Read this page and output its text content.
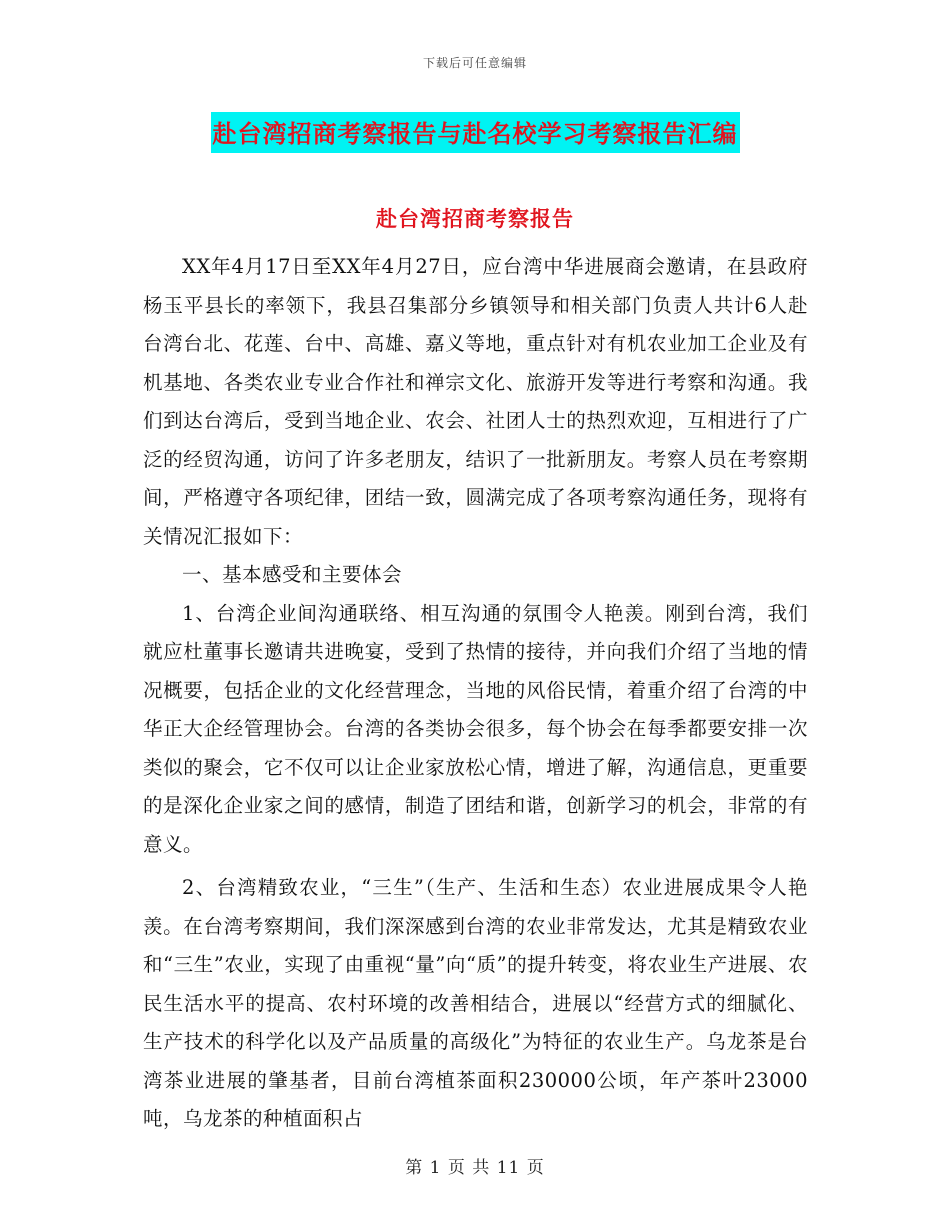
下载后可任意编辑
赴台湾招商考察报告与赴名校学习考察报告汇编
赴台湾招商考察报告

XX年4月17日至XX年4月27日，应台湾中华进展商会邀请，在县政府杨玉平县长的率领下，我县召集部分乡镇领导和相关部门负责人共计6人赴台湾台北、花莲、台中、高雄、嘉义等地，重点针对有机农业加工企业及有机基地、各类农业专业合作社和禅宗文化、旅游开发等进行考察和沟通。我们到达台湾后，受到当地企业、农会、社团人士的热烈欢迎，互相进行了广泛的经贸沟通，访问了许多老朋友，结识了一批新朋友。考察人员在考察期间，严格遵守各项纪律，团结一致，圆满完成了各项考察沟通任务，现将有关情况汇报如下：

一、基本感受和主要体会

1、台湾企业间沟通联络、相互沟通的氛围令人艳羡。刚到台湾，我们就应杜董事长邀请共进晚宴，受到了热情的接待，并向我们介绍了当地的情况概要，包括企业的文化经营理念，当地的风俗民情，着重介绍了台湾的中华正大企经管理协会。台湾的各类协会很多，每个协会在每季都要安排一次类似的聚会，它不仅可以让企业家放松心情，增进了解，沟通信息，更重要的是深化企业家之间的感情，制造了团结和谐，创新学习的机会，非常的有意义。

2、台湾精致农业，“三生”（生产、生活和生态）农业进展成果令人艳羡。在台湾考察期间，我们深深感到台湾的农业非常发达，尤其是精致农业和“三生”农业，实现了由重视“量”向“质”的提升转变，将农业生产进展、农民生活水平的提高、农村环境的改善相结合，进展以“经营方式的细腻化、生产技术的科学化以及产品质量的高级化”为特征的农业生产。乌龙茶是台湾茶业进展的肇基者，目前台湾植茶面积230000公顷，年产茶叶23000吨，乌龙茶的种植面积占

第 1 页 共 11 页
